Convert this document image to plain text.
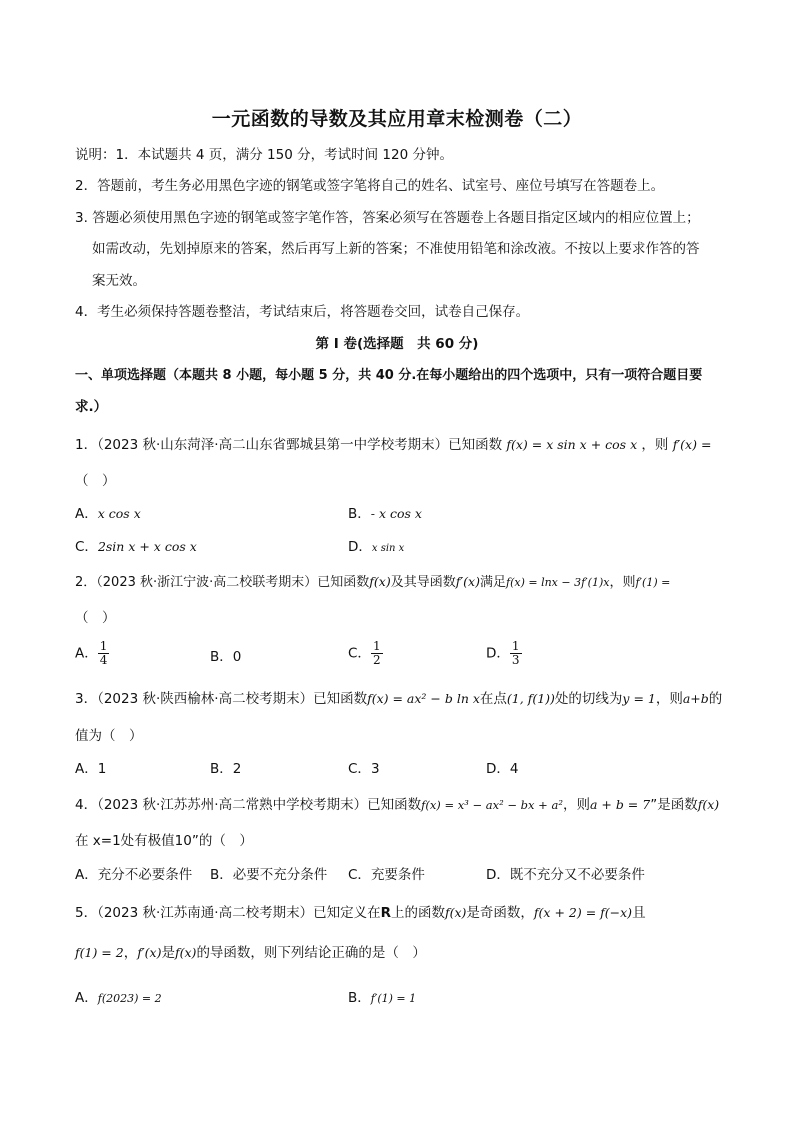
一元函数的导数及其应用章末检测卷（二）
说明：1．本试题共 4 页，满分 150 分，考试时间 120 分钟。
2．答题前，考生务必用黑色字迹的钢笔或签字笔将自己的姓名、试室号、座位号填写在答题卷上。
3. 答题必须使用黑色字迹的钢笔或签字笔作答，答案必须写在答题卷上各题目指定区域内的相应位置上；
如需改动，先划掉原来的答案，然后再写上新的答案；不准使用铅笔和涂改液。不按以上要求作答的答
案无效。
4．考生必须保持答题卷整洁，考试结束后，将答题卷交回，试卷自己保存。
第 I 卷(选择题　共 60 分)
一、单项选择题（本题共 8 小题，每小题 5 分，共 40 分.在每小题给出的四个选项中，只有一项符合题目要
求.）
1．（2023 秋·山东菏泽·高二山东省鄄城县第一中学校考期末）已知函数 f(x) = x sin x + cos x ，则 f′(x) =
（　）
A．x cos x	B．- x cos x
C．2sin x + x cos x	D．x sin x
2．（2023 秋·浙江宁波·高二校联考期末）已知函数f(x)及其导函数f′(x)满足f(x) = lnx − 3f′(1)x，则f′(1) =
（　）
A． $\frac{1}{4}$	B．0	C． $\frac{1}{2}$	D． $\frac{1}{3}$
3．（2023 秋·陕西榆林·高二校考期末）已知函数f(x) = ax² − b ln x在点(1, f(1))处的切线为y = 1，则a+b的
值为（　）
A．1	B．2	C．3	D．4
4．（2023 秋·江苏苏州·高二常熟中学校考期末）已知函数f(x) = x³ − ax² − bx + a²，则a + b = 7”是函数f(x)
在 x=1处有极值10”的（　）
A．充分不必要条件 B．必要不充分条件 C．充要条件	D．既不充分又不必要条件
5．（2023 秋·江苏南通·高二校考期末）已知定义在R上的函数f(x)是奇函数，f(x + 2) = f(−x)且
f(1) = 2，f′(x)是f(x)的导函数，则下列结论正确的是（　）
A．f(2023) = 2	B．f′(1) = 1
